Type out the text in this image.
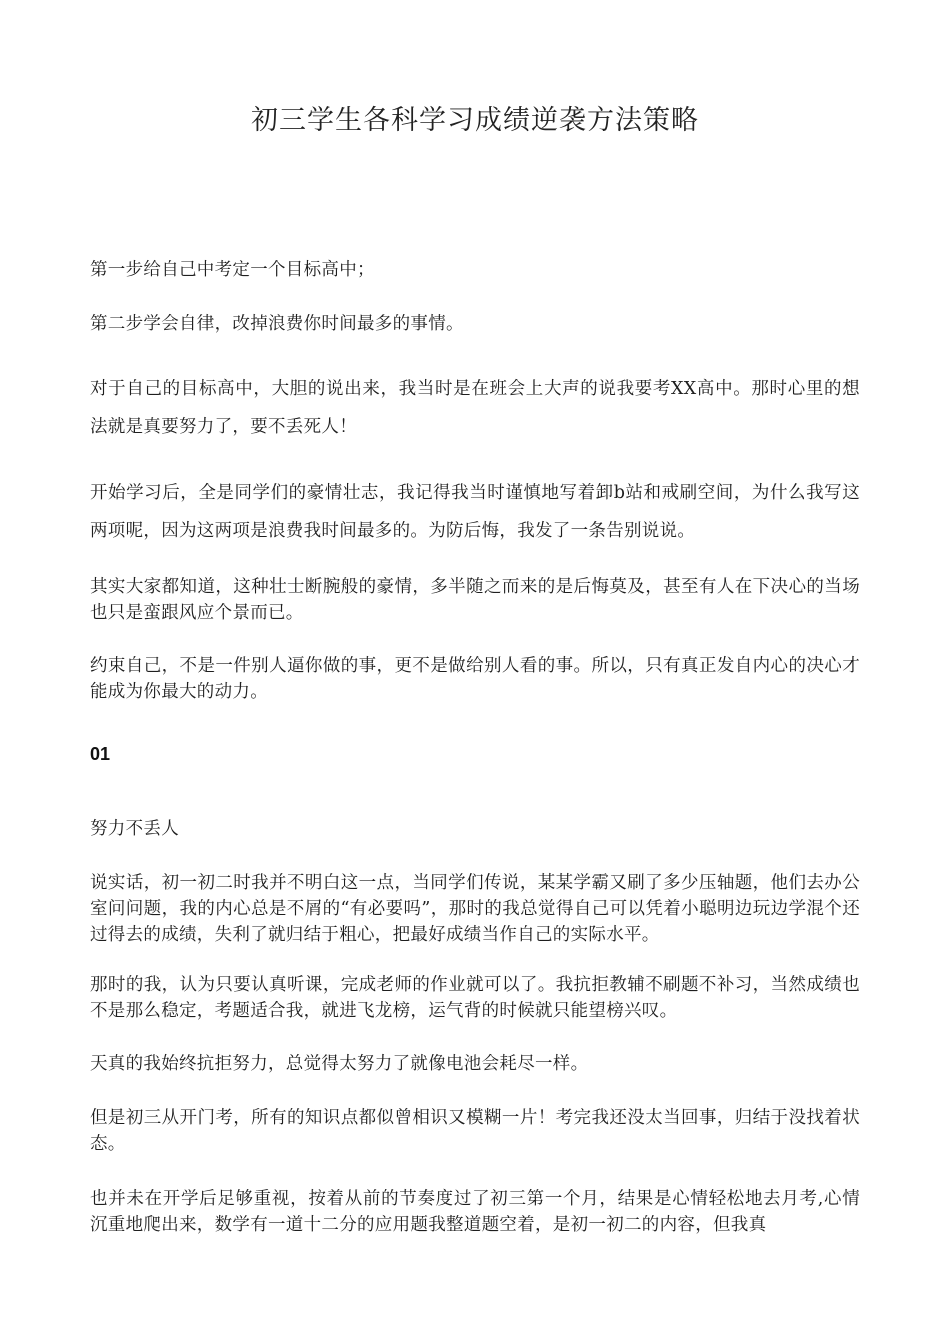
初三学生各科学习成绩逆袭方法策略

第一步给自己中考定一个目标高中；

第二步学会自律，改掉浪费你时间最多的事情。

对于自己的目标高中，大胆的说出来，我当时是在班会上大声的说我要考XX高中。那时心里的想法就是真要努力了，要不丢死人！

开始学习后，全是同学们的豪情壮志，我记得我当时谨慎地写着卸b站和戒刷空间，为什么我写这两项呢，因为这两项是浪费我时间最多的。为防后悔，我发了一条告别说说。

其实大家都知道，这种壮士断腕般的豪情，多半随之而来的是后悔莫及，甚至有人在下决心的当场也只是蛮跟风应个景而已。

约束自己，不是一件别人逼你做的事，更不是做给别人看的事。所以，只有真正发自内心的决心才能成为你最大的动力。

01

努力不丢人

说实话，初一初二时我并不明白这一点，当同学们传说，某某学霸又刷了多少压轴题，他们去办公室问问题，我的内心总是不屑的“有必要吗”，那时的我总觉得自己可以凭着小聪明边玩边学混个还过得去的成绩，失利了就归结于粗心，把最好成绩当作自己的实际水平。

那时的我，认为只要认真听课，完成老师的作业就可以了。我抗拒教辅不刷题不补习，当然成绩也不是那么稳定，考题适合我，就进飞龙榜，运气背的时候就只能望榜兴叹。

天真的我始终抗拒努力，总觉得太努力了就像电池会耗尽一样。

但是初三从开门考，所有的知识点都似曾相识又模糊一片！考完我还没太当回事，归结于没找着状态。

也并未在开学后足够重视，按着从前的节奏度过了初三第一个月，结果是心情轻松地去月考,心情沉重地爬出来，数学有一道十二分的应用题我整道题空着，是初一初二的内容，但我真
